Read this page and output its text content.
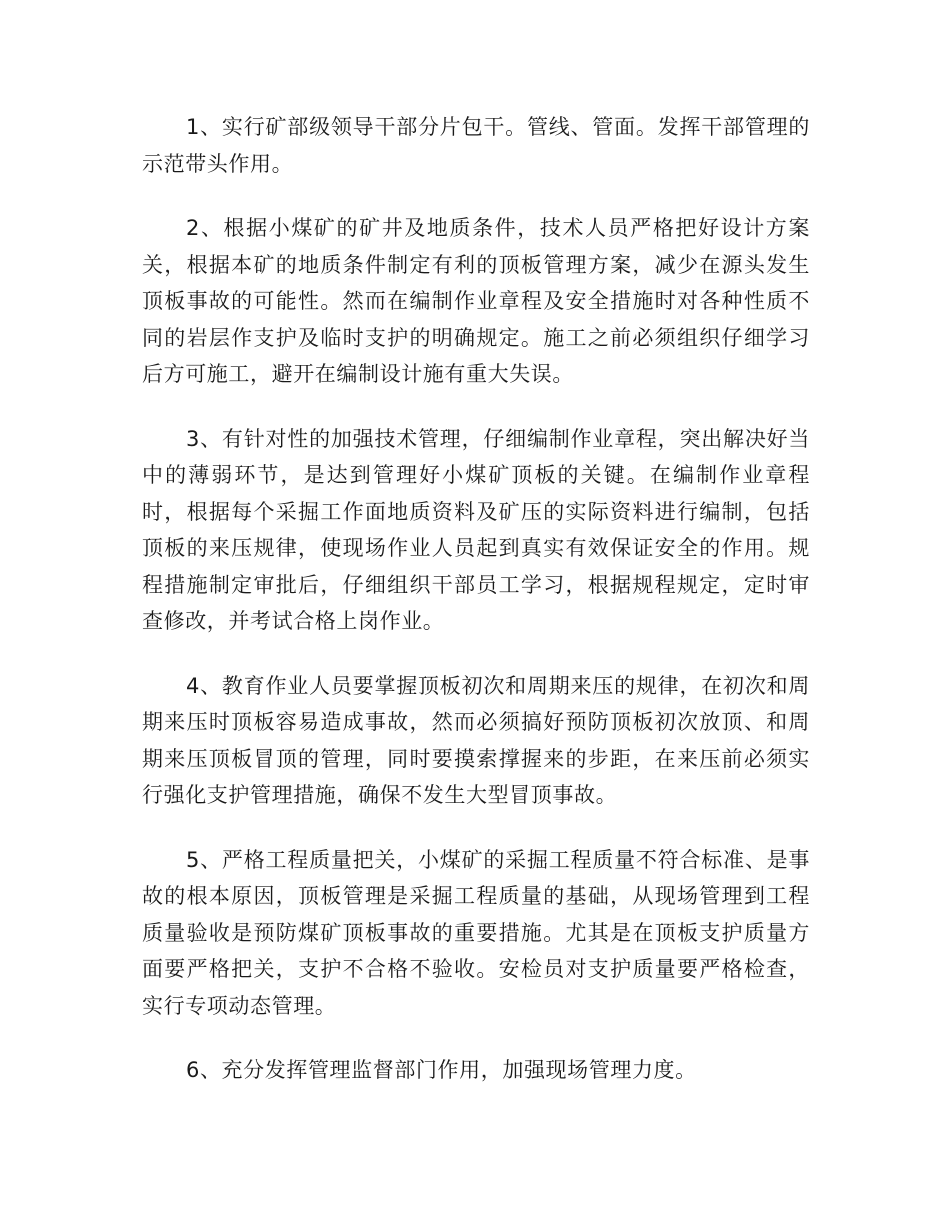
1、实行矿部级领导干部分片包干。管线、管面。发挥干部管理的示范带头作用。

2、根据小煤矿的矿井及地质条件，技术人员严格把好设计方案关，根据本矿的地质条件制定有利的顶板管理方案，减少在源头发生顶板事故的可能性。然而在编制作业章程及安全措施时对各种性质不同的岩层作支护及临时支护的明确规定。施工之前必须组织仔细学习后方可施工，避开在编制设计施有重大失误。

3、有针对性的加强技术管理，仔细编制作业章程，突出解决好当中的薄弱环节，是达到管理好小煤矿顶板的关键。在编制作业章程时，根据每个采掘工作面地质资料及矿压的实际资料进行编制，包括顶板的来压规律，使现场作业人员起到真实有效保证安全的作用。规程措施制定审批后，仔细组织干部员工学习，根据规程规定，定时审查修改，并考试合格上岗作业。

4、教育作业人员要掌握顶板初次和周期来压的规律，在初次和周期来压时顶板容易造成事故，然而必须搞好预防顶板初次放顶、和周期来压顶板冒顶的管理，同时要摸索撑握来的步距，在来压前必须实行强化支护管理措施，确保不发生大型冒顶事故。

5、严格工程质量把关，小煤矿的采掘工程质量不符合标准、是事故的根本原因，顶板管理是采掘工程质量的基础，从现场管理到工程质量验收是预防煤矿顶板事故的重要措施。尤其是在顶板支护质量方面要严格把关，支护不合格不验收。安检员对支护质量要严格检查，实行专项动态管理。

6、充分发挥管理监督部门作用，加强现场管理力度。
